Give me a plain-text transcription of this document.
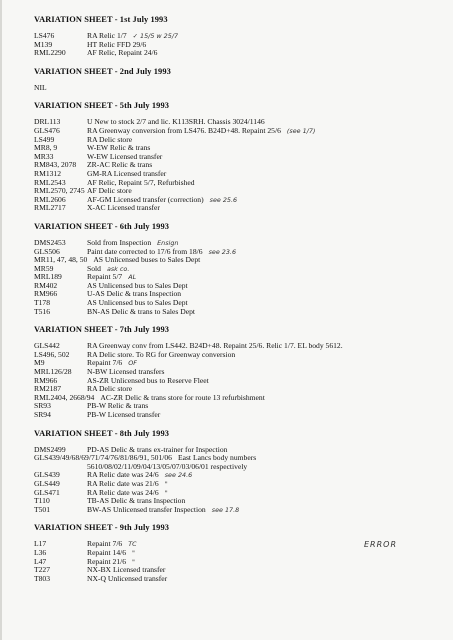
VARIATION SHEET - 1st July 1993
LS476	RA Relic 1/7 ✓ 15/5 w 25/7
M139	HT Relic FFD 29/6
RML2290	AF Relic, Repaint 24/6
VARIATION SHEET - 2nd July 1993
NIL
VARIATION SHEET - 5th July 1993
DRL113	U New to stock 2/7 and lic. K113SRH. Chassis 3024/1146
GLS476	RA Greenway conversion from LS476. B24D+48. Repaint 25/6 (see 1/7)
LS499	RA Delic store
MR8, 9	W-EW Relic & trans
MR33	W-EW Licensed transfer
RM843, 2078	ZR-AC Relic & trans
RM1312	GM-RA Licensed transfer
RML2543	AF Relic, Repaint 5/7, Refurbished
RML2570, 2745 AF Delic store
RML2606	AF-GM Licensed transfer (correction) see 25.6
RML2717	X-AC Licensed transfer
VARIATION SHEET - 6th July 1993
DMS2453	Sold from Inspection Ensign
GLS506	Paint date corrected to 17/6 from 18/6 see 23.6
MR11, 47, 48, 50 AS Unlicensed buses to Sales Dept
MR59	Sold ask co.
MRL189	Repaint 5/7 AL
RM402	AS Unlicensed bus to Sales Dept
RM966	U-AS Delic & trans Inspection
T178	AS Unlicensed bus to Sales Dept
T516	BN-AS Delic & trans to Sales Dept
VARIATION SHEET - 7th July 1993
GLS442	RA Greenway conv from LS442. B24D+48. Repaint 25/6. Relic 1/7. EL body 5612.
LS496, 502	RA Delic store. To RG for Greenway conversion
M9	Repaint 7/6 OF
MRL126/28	N-BW Licensed transfers
RM966	AS-ZR Unlicensed bus to Reserve Fleet
RM2187	RA Delic store
RML2404, 2668/94 AC-ZR Delic & trans store for route 13 refurbishment
SR93	PB-W Relic & trans
SR94	PB-W Licensed transfer
VARIATION SHEET - 8th July 1993
DMS2499	PD-AS Delic & trans ex-trainer for Inspection
GLS439/49/68/69/71/74/76/81/86/91, 501/06 East Lancs body numbers
5610/08/02/11/09/04/13/05/07/03/06/01 respectively
GLS439	RA Relic date was 24/6 see 24.6
GLS449	RA Relic date was 21/6 "
GLS471	RA Relic date was 24/6 "
T110	TB-AS Delic & trans Inspection
T501	BW-AS Unlicensed transfer Inspection see 17.8
VARIATION SHEET - 9th July 1993
L17	Repaint 7/6 TC
L36	Repaint 14/6 "
L47	Repaint 21/6 "
T227	NX-BX Licensed transfer
T803	NX-Q Unlicensed transfer
ERROR
